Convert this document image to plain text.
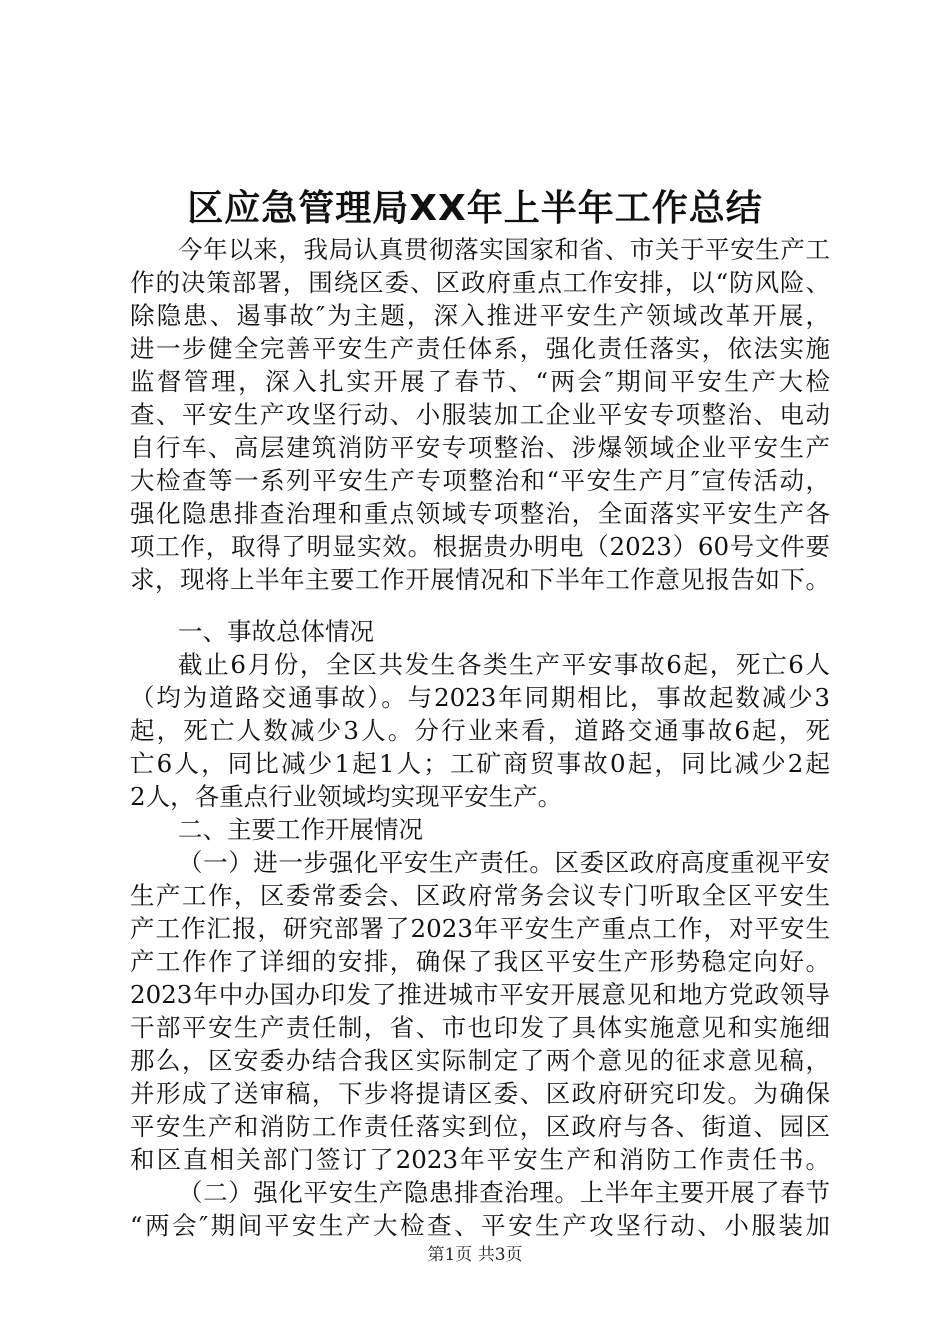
区应急管理局XX年上半年工作总结

今年以来，我局认真贯彻落实国家和省、市关于平安生产工

作的决策部署，围绕区委、区政府重点工作安排，以“防风险、

除隐患、遏事故″为主题，深入推进平安生产领域改革开展，

进一步健全完善平安生产责任体系，强化责任落实，依法实施

监督管理，深入扎实开展了春节、“两会″期间平安生产大检

查、平安生产攻坚行动、小服装加工企业平安专项整治、电动

自行车、高层建筑消防平安专项整治、涉爆领域企业平安生产

大检查等一系列平安生产专项整治和“平安生产月″宣传活动，

强化隐患排查治理和重点领域专项整治，全面落实平安生产各

项工作，取得了明显实效。根据贵办明电（2023）60号文件要

求，现将上半年主要工作开展情况和下半年工作意见报告如下。

一、事故总体情况

截止6月份，全区共发生各类生产平安事故6起，死亡6人

（均为道路交通事故）。与2023年同期相比，事故起数减少3

起，死亡人数减少3人。分行业来看，道路交通事故6起，死

亡6人，同比减少1起1人；工矿商贸事故0起，同比减少2起

2人，各重点行业领域均实现平安生产。

二、主要工作开展情况

（一）进一步强化平安生产责任。区委区政府高度重视平安

生产工作，区委常委会、区政府常务会议专门听取全区平安生

产工作汇报，研究部署了2023年平安生产重点工作，对平安生

产工作作了详细的安排，确保了我区平安生产形势稳定向好。

2023年中办国办印发了推进城市平安开展意见和地方党政领导

干部平安生产责任制，省、市也印发了具体实施意见和实施细

那么，区安委办结合我区实际制定了两个意见的征求意见稿，

并形成了送审稿，下步将提请区委、区政府研究印发。为确保

平安生产和消防工作责任落实到位，区政府与各、街道、园区

和区直相关部门签订了2023年平安生产和消防工作责任书。

（二）强化平安生产隐患排查治理。上半年主要开展了春节

“两会″期间平安生产大检查、平安生产攻坚行动、小服装加

第1页 共3页
